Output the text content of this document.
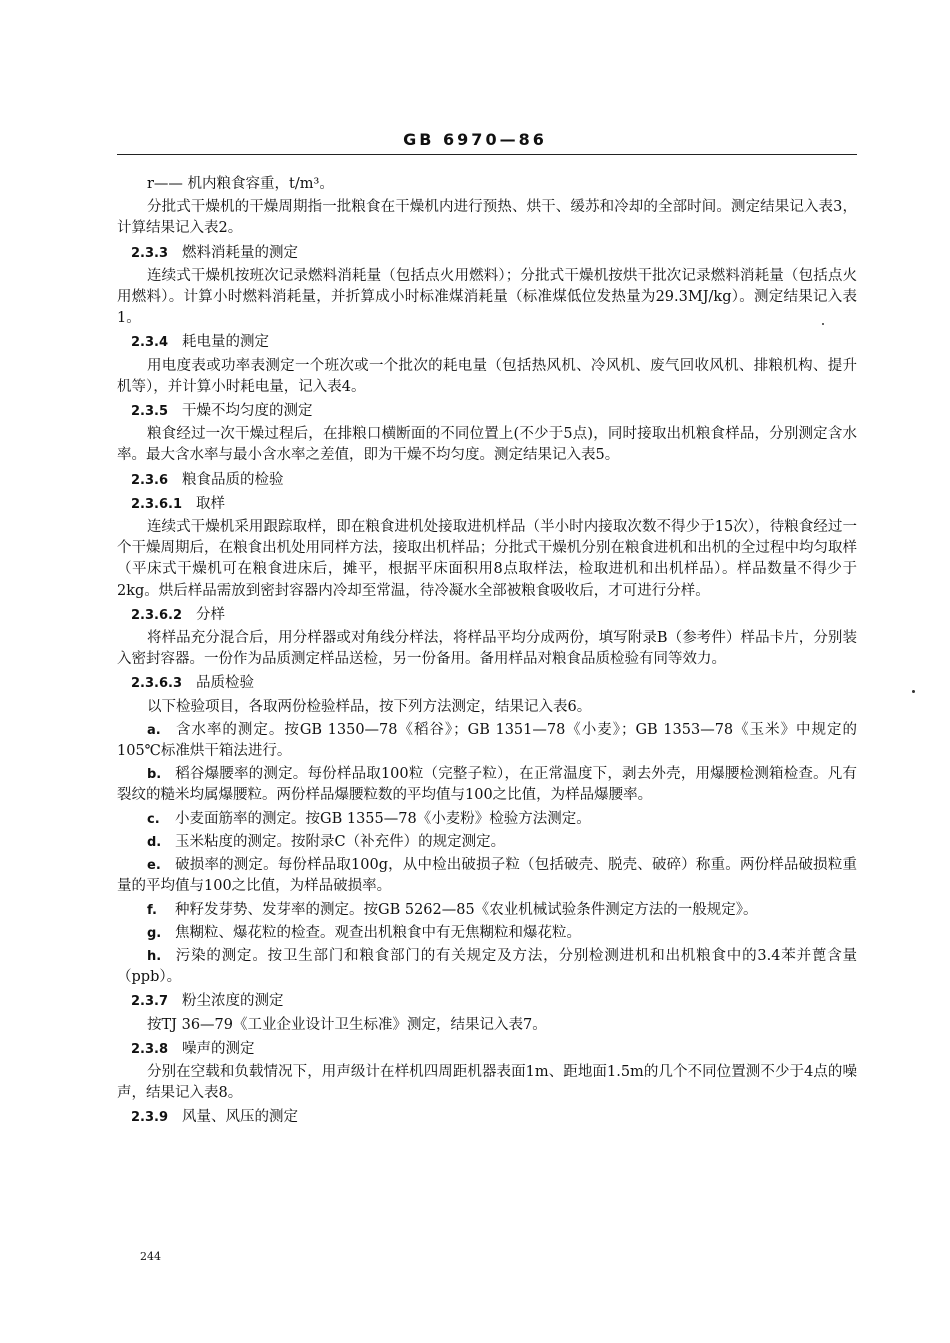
GB 6970—86

r—— 机内粮食容重，t/m³。

分批式干燥机的干燥周期指一批粮食在干燥机内进行预热、烘干、缓苏和冷却的全部时间。测定结果记入表3，计算结果记入表2。

2.3.3 燃料消耗量的测定

连续式干燥机按班次记录燃料消耗量（包括点火用燃料）；分批式干燥机按烘干批次记录燃料消耗量（包括点火用燃料）。计算小时燃料消耗量，并折算成小时标准煤消耗量（标准煤低位发热量为29.3MJ/kg）。测定结果记入表1。

2.3.4 耗电量的测定

用电度表或功率表测定一个班次或一个批次的耗电量（包括热风机、冷风机、废气回收风机、排粮机构、提升机等），并计算小时耗电量，记入表4。

2.3.5 干燥不均匀度的测定

粮食经过一次干燥过程后，在排粮口横断面的不同位置上(不少于5点)，同时接取出机粮食样品，分别测定含水率。最大含水率与最小含水率之差值，即为干燥不均匀度。测定结果记入表5。

2.3.6 粮食品质的检验
2.3.6.1 取样

连续式干燥机采用跟踪取样，即在粮食进机处接取进机样品（半小时内接取次数不得少于15次），待粮食经过一个干燥周期后，在粮食出机处用同样方法，接取出机样品；分批式干燥机分别在粮食进机和出机的全过程中均匀取样（平床式干燥机可在粮食进床后，摊平，根据平床面积用8点取样法，检取进机和出机样品）。样品数量不得少于2kg。烘后样品需放到密封容器内冷却至常温，待冷凝水全部被粮食吸收后，才可进行分样。

2.3.6.2 分样

将样品充分混合后，用分样器或对角线分样法，将样品平均分成两份，填写附录B（参考件）样品卡片，分别装入密封容器。一份作为品质测定样品送检，另一份备用。备用样品对粮食品质检验有同等效力。

2.3.6.3 品质检验

以下检验项目，各取两份检验样品，按下列方法测定，结果记入表6。

a. 含水率的测定。按GB 1350—78《稻谷》；GB 1351—78《小麦》；GB 1353—78《玉米》中规定的105℃标准烘干箱法进行。
b. 稻谷爆腰率的测定。每份样品取100粒（完整子粒），在正常温度下，剥去外壳，用爆腰检测箱检查。凡有裂纹的糙米均属爆腰粒。两份样品爆腰粒数的平均值与100之比值，为样品爆腰率。
c. 小麦面筋率的测定。按GB 1355—78《小麦粉》检验方法测定。
d. 玉米粘度的测定。按附录C（补充件）的规定测定。
e. 破损率的测定。每份样品取100g，从中检出破损子粒（包括破壳、脱壳、破碎）称重。两份样品破损粒重量的平均值与100之比值，为样品破损率。
f. 种籽发芽势、发芽率的测定。按GB 5262—85《农业机械试验条件测定方法的一般规定》。
g. 焦糊粒、爆花粒的检查。观查出机粮食中有无焦糊粒和爆花粒。
h. 污染的测定。按卫生部门和粮食部门的有关规定及方法，分别检测进机和出机粮食中的3.4苯并蓖含量（ppb）。
2.3.7 粉尘浓度的测定

按TJ 36—79《工业企业设计卫生标准》测定，结果记入表7。

2.3.8 噪声的测定

分别在空载和负载情况下，用声级计在样机四周距机器表面1m、距地面1.5m的几个不同位置测不少于4点的噪声，结果记入表8。

2.3.9 风量、风压的测定
244
